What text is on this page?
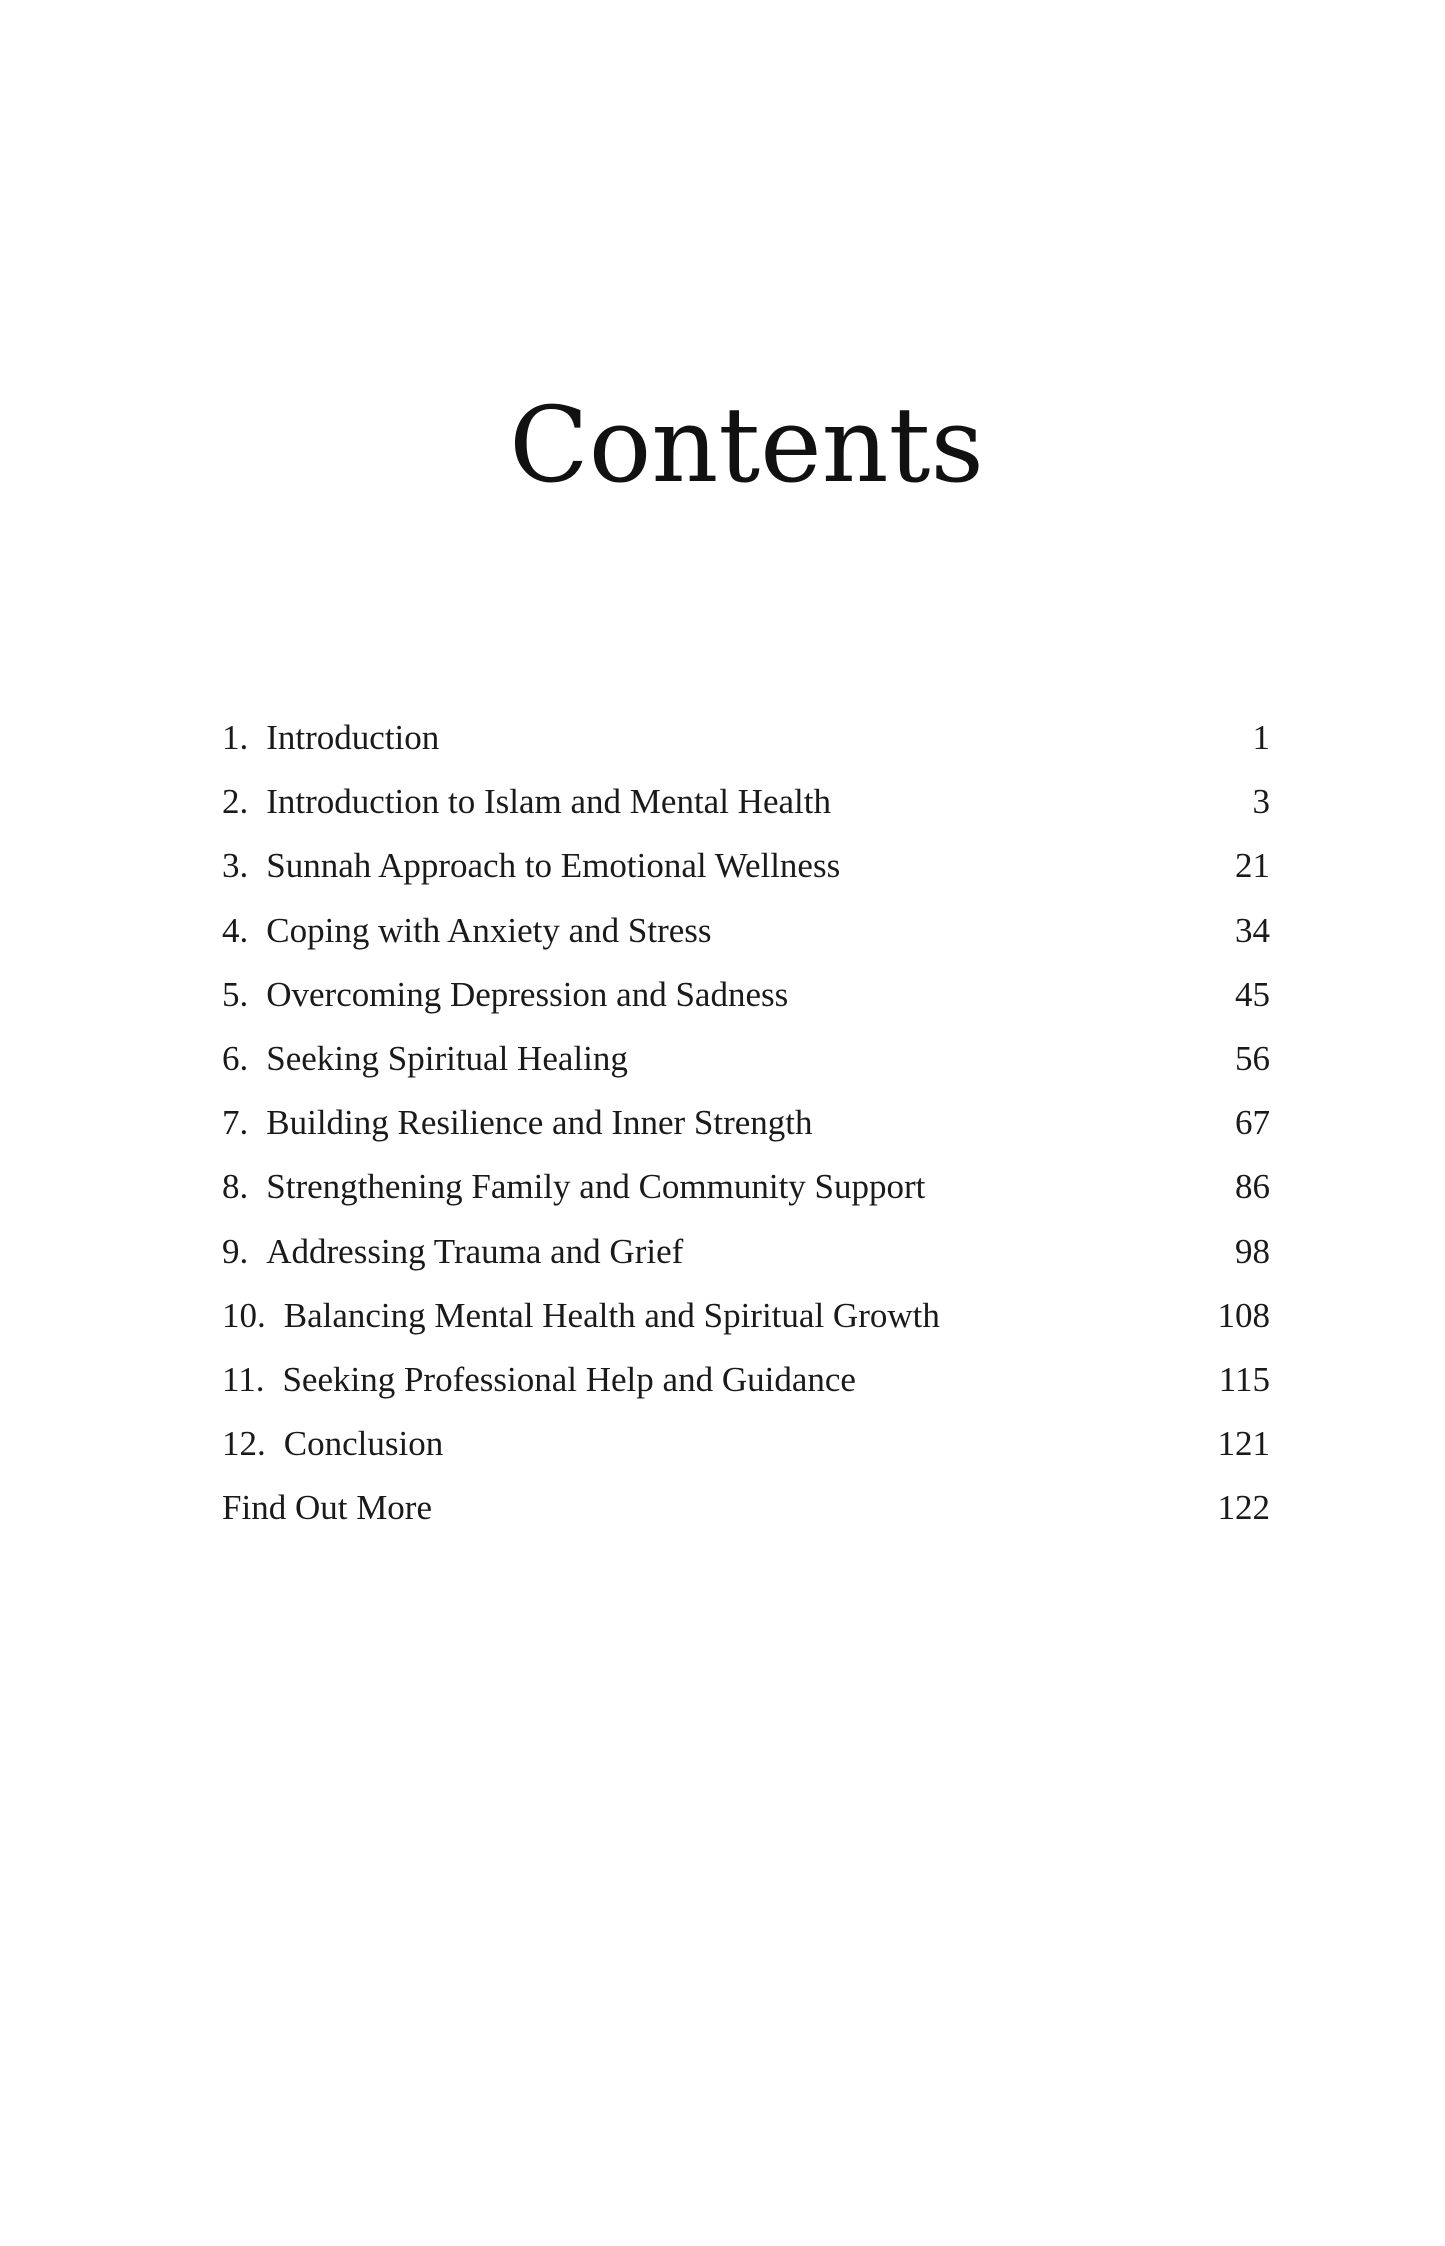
Contents
1. Introduction	1
2. Introduction to Islam and Mental Health	3
3. Sunnah Approach to Emotional Wellness	21
4. Coping with Anxiety and Stress	34
5. Overcoming Depression and Sadness	45
6. Seeking Spiritual Healing	56
7. Building Resilience and Inner Strength	67
8. Strengthening Family and Community Support	86
9. Addressing Trauma and Grief	98
10. Balancing Mental Health and Spiritual Growth	108
11. Seeking Professional Help and Guidance	115
12. Conclusion	121
Find Out More	122
